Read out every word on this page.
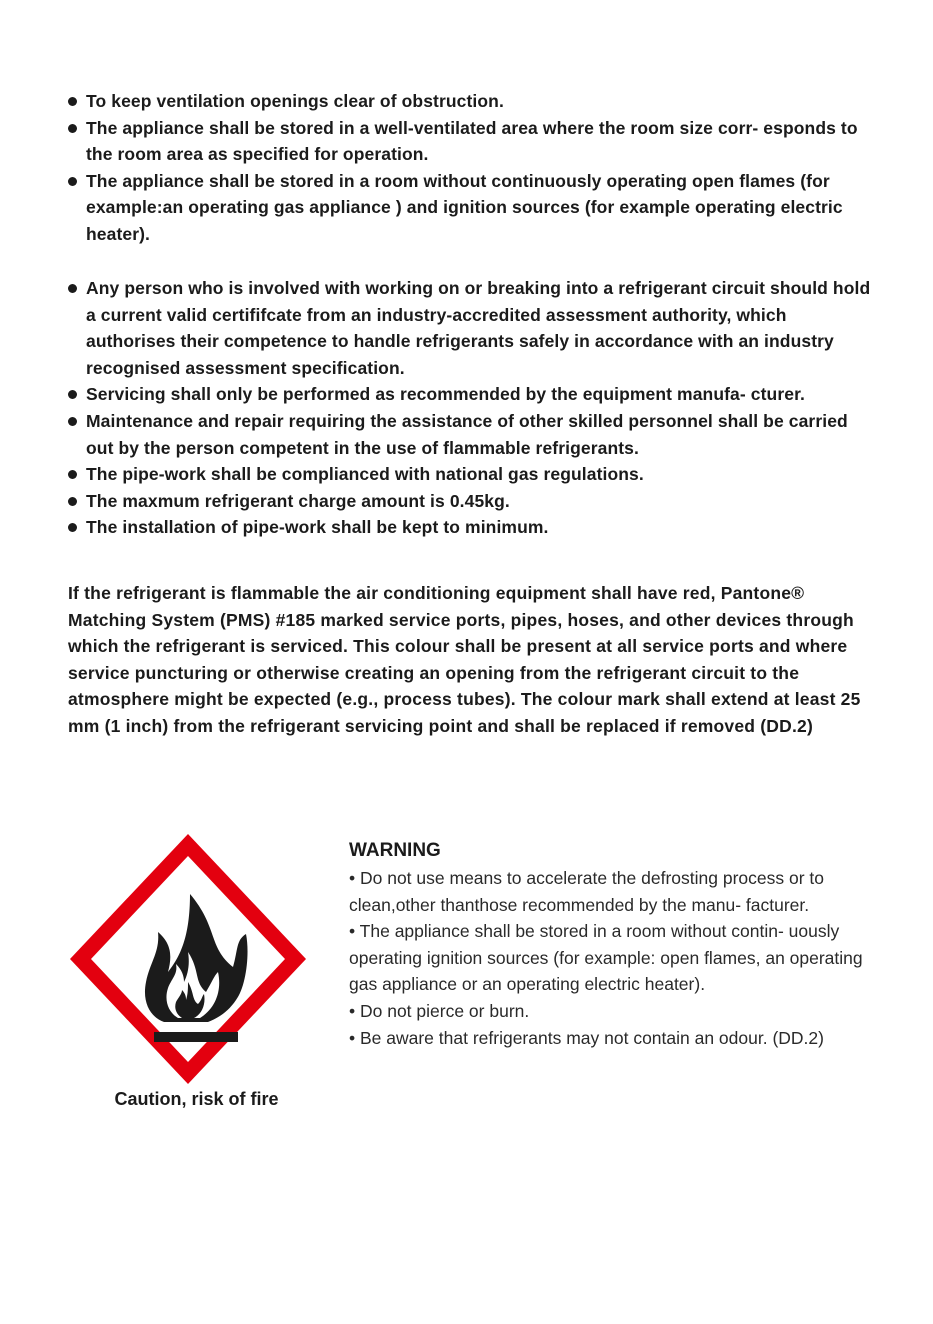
To keep ventilation openings clear of obstruction.
The appliance shall be stored in a well-ventilated area where the room size corr- esponds to the room area as specified for operation.
The appliance shall be stored in a room without continuously operating open flames (for example:an operating gas appliance ) and ignition sources (for example operating electric heater).
Any person who is involved with working on or breaking into a refrigerant circuit should hold a current valid certififcate from an industry-accredited assessment authority, which authorises their competence to handle refrigerants safely in accordance with an industry recognised assessment specification.
Servicing shall only be performed as recommended by the equipment manufa- cturer.
Maintenance and repair requiring the assistance of other skilled personnel shall be carried out by the person competent in the use of flammable refrigerants.
The pipe-work shall be complianced with national gas regulations.
The maxmum refrigerant charge amount is 0.45kg.
The installation of pipe-work shall be kept to minimum.
If the refrigerant is flammable the air conditioning equipment shall have red, Pantone® Matching System (PMS) #185 marked service ports, pipes, hoses, and other devices through which the refrigerant is serviced. This colour shall be present at all service ports and where service puncturing or otherwise creating an opening from the refrigerant circuit to the atmosphere might be expected (e.g., process tubes). The colour mark shall extend at least 25 mm (1 inch) from the refrigerant servicing point and shall be replaced if removed (DD.2)
Caution, risk of fire
WARNING
• Do not use means to accelerate the defrosting process or to clean,other thanthose recommended by the manu- facturer.
• The appliance shall be stored in a room without contin- uously operating ignition sources (for example: open flames, an operating gas appliance or an operating electric heater).
• Do not pierce or burn.
• Be aware that refrigerants may not contain an odour. (DD.2)
